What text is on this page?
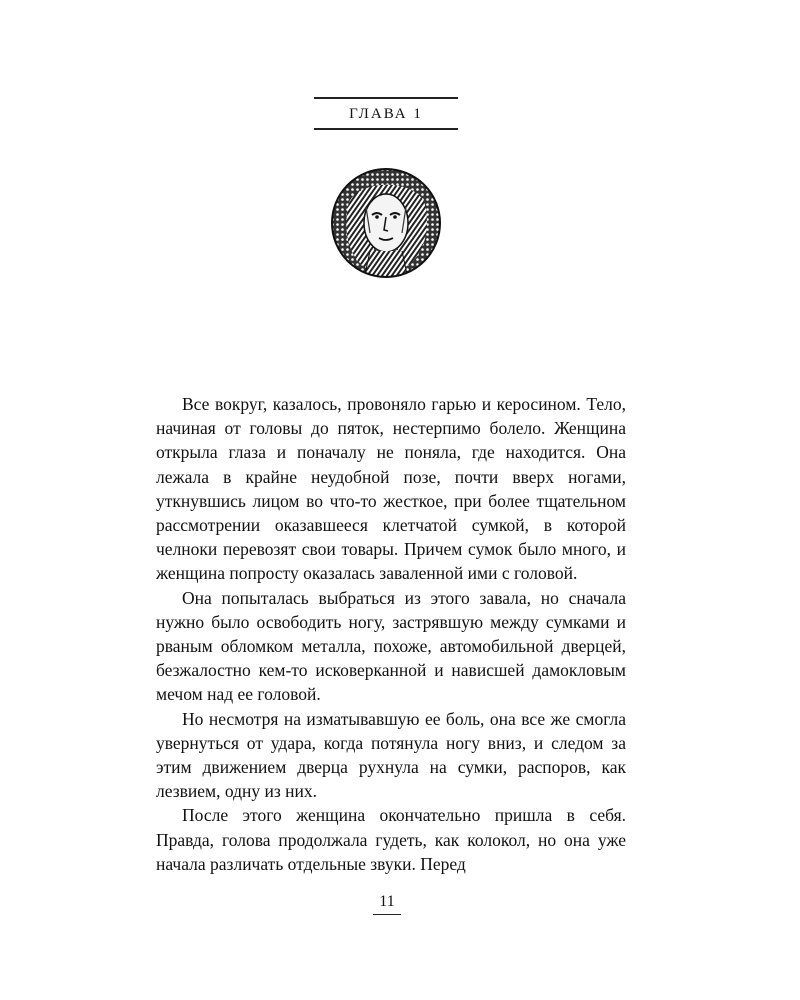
ГЛАВА 1

Все вокруг, казалось, провоняло гарью и керосином. Тело, начиная от головы до пяток, нестерпимо болело. Женщина открыла глаза и поначалу не поняла, где находится. Она лежала в крайне неудобной позе, почти вверх ногами, уткнувшись лицом во что-то жесткое, при более тщательном рассмотрении оказавшееся клетчатой сумкой, в которой челноки перевозят свои товары. Причем сумок было много, и женщина попросту оказалась заваленной ими с головой.

Она попыталась выбраться из этого завала, но сначала нужно было освободить ногу, застрявшую между сумками и рваным обломком металла, похоже, автомобильной дверцей, безжалостно кем-то исковерканной и нависшей дамокловым мечом над ее головой.

Но несмотря на изматывавшую ее боль, она все же смогла увернуться от удара, когда потянула ногу вниз, и следом за этим движением дверца рухнула на сумки, распоров, как лезвием, одну из них.

После этого женщина окончательно пришла в себя. Правда, голова продолжала гудеть, как колокол, но она уже начала различать отдельные звуки. Перед

11
